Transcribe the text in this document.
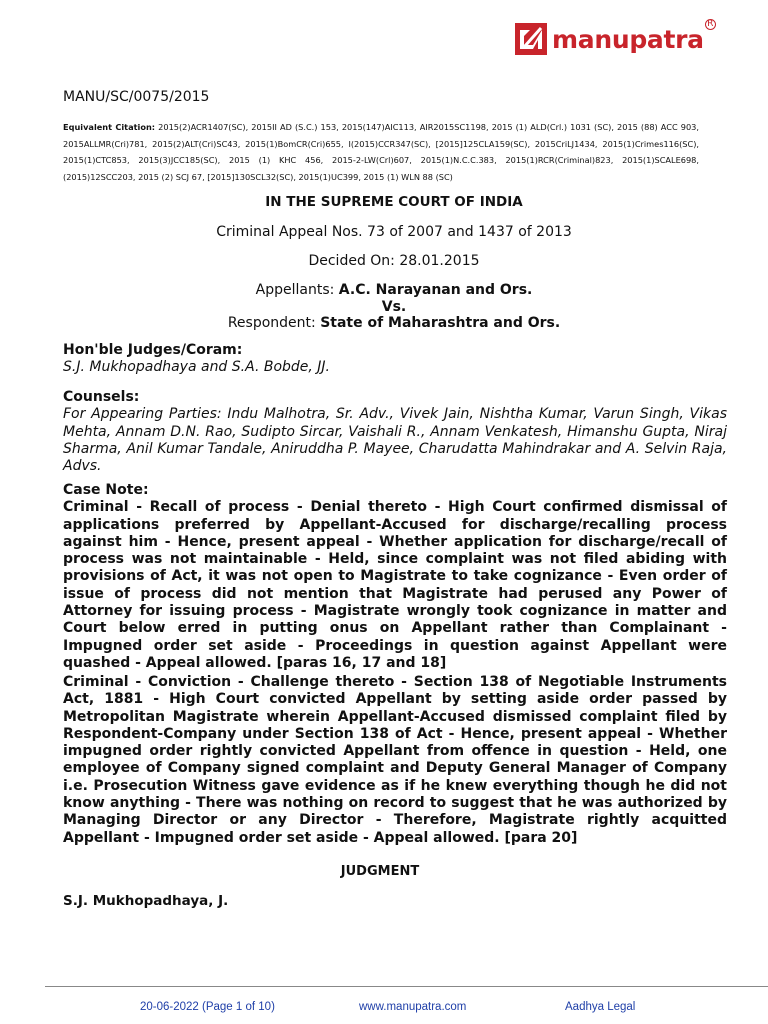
manupatra
R
MANU/SC/0075/2015
Equivalent Citation: 2015(2)ACR1407(SC), 2015II AD (S.C.) 153, 2015(147)AIC113, AIR2015SC1198, 2015 (1) ALD(Crl.) 1031 (SC), 2015 (88) ACC 903, 2015ALLMR(Cri)781, 2015(2)ALT(Cri)SC43, 2015(1)BomCR(Cri)655, I(2015)CCR347(SC), [2015]125CLA159(SC), 2015CriLJ1434, 2015(1)Crimes116(SC), 2015(1)CTC853, 2015(3)JCC185(SC), 2015 (1) KHC 456, 2015-2-LW(Crl)607, 2015(1)N.C.C.383, 2015(1)RCR(Criminal)823, 2015(1)SCALE698, (2015)12SCC203, 2015 (2) SCJ 67, [2015]130SCL32(SC), 2015(1)UC399, 2015 (1) WLN 88 (SC)
IN THE SUPREME COURT OF INDIA
Criminal Appeal Nos. 73 of 2007 and 1437 of 2013
Decided On: 28.01.2015
Appellants: A.C. Narayanan and Ors.
Vs.
Respondent: State of Maharashtra and Ors.
Hon'ble Judges/Coram:
S.J. Mukhopadhaya and S.A. Bobde, JJ.
Counsels:
For Appearing Parties: Indu Malhotra, Sr. Adv., Vivek Jain, Nishtha Kumar, Varun Singh, Vikas Mehta, Annam D.N. Rao, Sudipto Sircar, Vaishali R., Annam Venkatesh, Himanshu Gupta, Niraj Sharma, Anil Kumar Tandale, Aniruddha P. Mayee, Charudatta Mahindrakar and A. Selvin Raja, Advs.
Case Note:
Criminal - Recall of process - Denial thereto - High Court confirmed dismissal of applications preferred by Appellant-Accused for discharge/recalling process against him - Hence, present appeal - Whether application for discharge/recall of process was not maintainable - Held, since complaint was not filed abiding with provisions of Act, it was not open to Magistrate to take cognizance - Even order of issue of process did not mention that Magistrate had perused any Power of Attorney for issuing process - Magistrate wrongly took cognizance in matter and Court below erred in putting onus on Appellant rather than Complainant - Impugned order set aside - Proceedings in question against Appellant were quashed - Appeal allowed. [paras 16, 17 and 18]
Criminal - Conviction - Challenge thereto - Section 138 of Negotiable Instruments Act, 1881 - High Court convicted Appellant by setting aside order passed by Metropolitan Magistrate wherein Appellant-Accused dismissed complaint filed by Respondent-Company under Section 138 of Act - Hence, present appeal - Whether impugned order rightly convicted Appellant from offence in question - Held, one employee of Company signed complaint and Deputy General Manager of Company i.e. Prosecution Witness gave evidence as if he knew everything though he did not know anything - There was nothing on record to suggest that he was authorized by Managing Director or any Director - Therefore, Magistrate rightly acquitted Appellant - Impugned order set aside - Appeal allowed. [para 20]
JUDGMENT
S.J. Mukhopadhaya, J.
20-06-2022 (Page 1 of 10)	www.manupatra.com	Aadhya Legal
